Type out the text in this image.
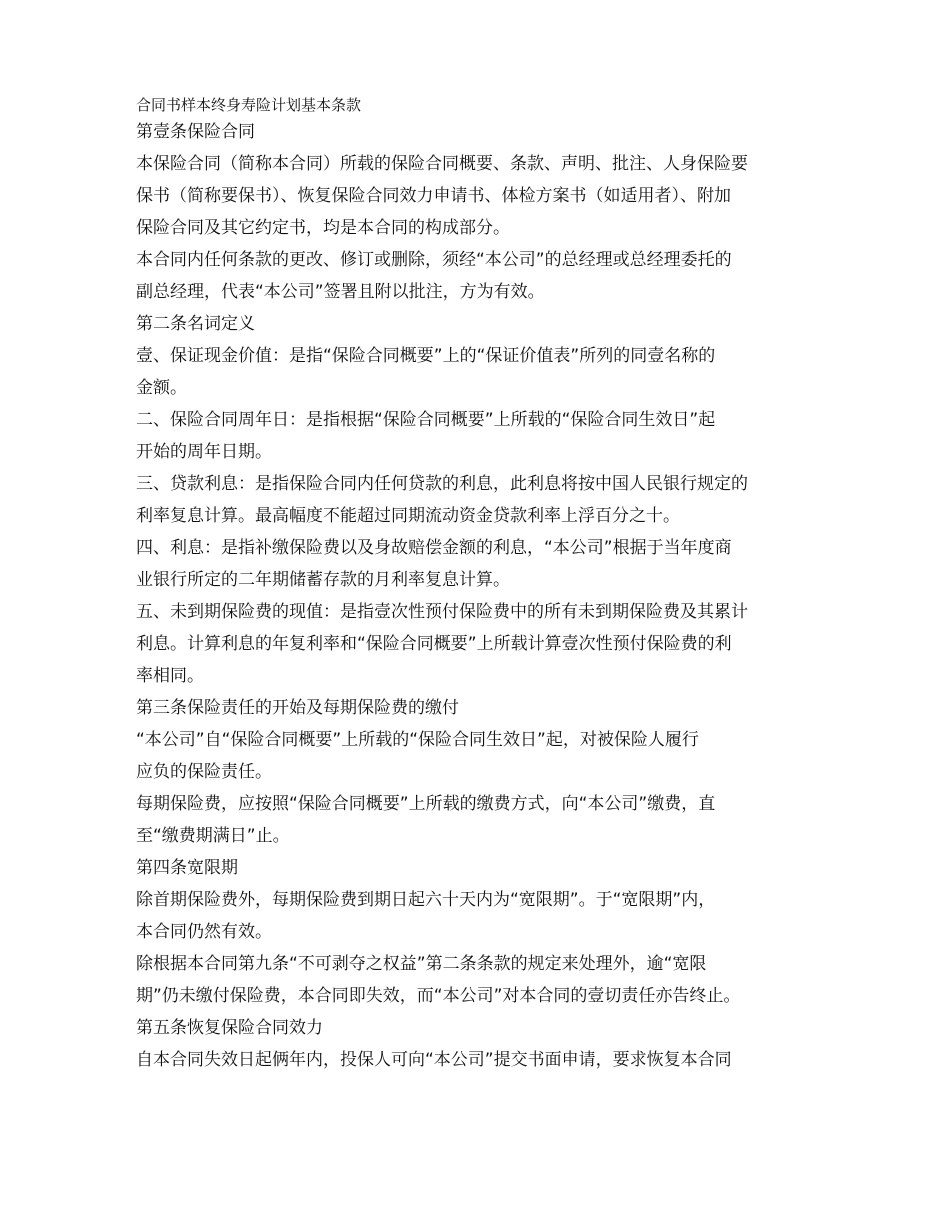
合同书样本终身寿险计划基本条款
第壹条保险合同

本保险合同（简称本合同）所载的保险合同概要、条款、声明、批注、人身保险要
保书（简称要保书）、恢复保险合同效力申请书、体检方案书（如适用者）、附加
保险合同及其它约定书，均是本合同的构成部分。

本合同内任何条款的更改、修订或删除，须经“本公司”的总经理或总经理委托的
副总经理，代表“本公司”签署且附以批注，方为有效。

第二条名词定义

壹、保证现金价值：是指“保险合同概要”上的“保证价值表”所列的同壹名称的
金额。

二、保险合同周年日：是指根据“保险合同概要”上所载的“保险合同生效日”起
开始的周年日期。

三、贷款利息：是指保险合同内任何贷款的利息，此利息将按中国人民银行规定的
利率复息计算。最高幅度不能超过同期流动资金贷款利率上浮百分之十。

四、利息：是指补缴保险费以及身故赔偿金额的利息，“本公司”根据于当年度商
业银行所定的二年期储蓄存款的月利率复息计算。

五、未到期保险费的现值：是指壹次性预付保险费中的所有未到期保险费及其累计
利息。计算利息的年复利率和“保险合同概要”上所载计算壹次性预付保险费的利
率相同。

第三条保险责任的开始及每期保险费的缴付

“本公司”自“保险合同概要”上所载的“保险合同生效日”起，对被保险人履行
应负的保险责任。

每期保险费，应按照“保险合同概要”上所载的缴费方式，向“本公司”缴费，直
至“缴费期满日”止。

第四条宽限期

除首期保险费外，每期保险费到期日起六十天内为“宽限期”。于“宽限期”内，
本合同仍然有效。

除根据本合同第九条“不可剥夺之权益”第二条条款的规定来处理外，逾“宽限
期”仍未缴付保险费，本合同即失效，而“本公司”对本合同的壹切责任亦告终止。

第五条恢复保险合同效力

自本合同失效日起俩年内，投保人可向“本公司”提交书面申请，要求恢复本合同
